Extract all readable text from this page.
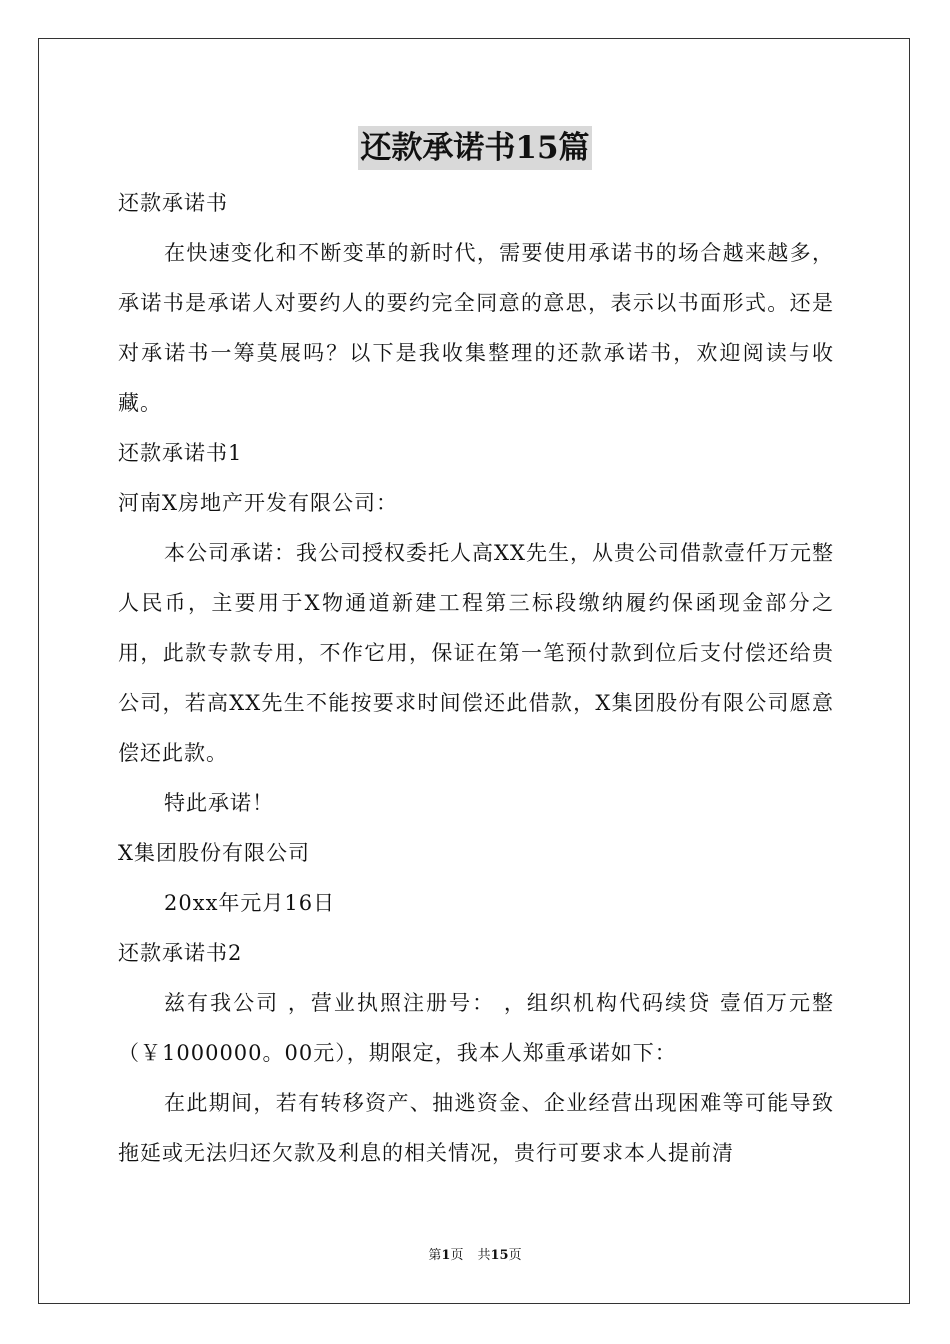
还款承诺书15篇

还款承诺书

在快速变化和不断变革的新时代，需要使用承诺书的场合越来越多，承诺书是承诺人对要约人的要约完全同意的意思，表示以书面形式。还是对承诺书一筹莫展吗？以下是我收集整理的还款承诺书，欢迎阅读与收藏。

还款承诺书1

河南X房地产开发有限公司：

本公司承诺：我公司授权委托人高XX先生，从贵公司借款壹仟万元整人民币，主要用于X物通道新建工程第三标段缴纳履约保函现金部分之用，此款专款专用，不作它用，保证在第一笔预付款到位后支付偿还给贵公司，若高XX先生不能按要求时间偿还此借款，X集团股份有限公司愿意偿还此款。

特此承诺！

X集团股份有限公司

20xx年元月16日

还款承诺书2

兹有我公司 ，营业执照注册号： ，组织机构代码续贷 壹佰万元整（￥1000000。00元），期限定，我本人郑重承诺如下：

在此期间，若有转移资产、抽逃资金、企业经营出现困难等可能导致拖延或无法归还欠款及利息的相关情况，贵行可要求本人提前清

第1页 共15页
